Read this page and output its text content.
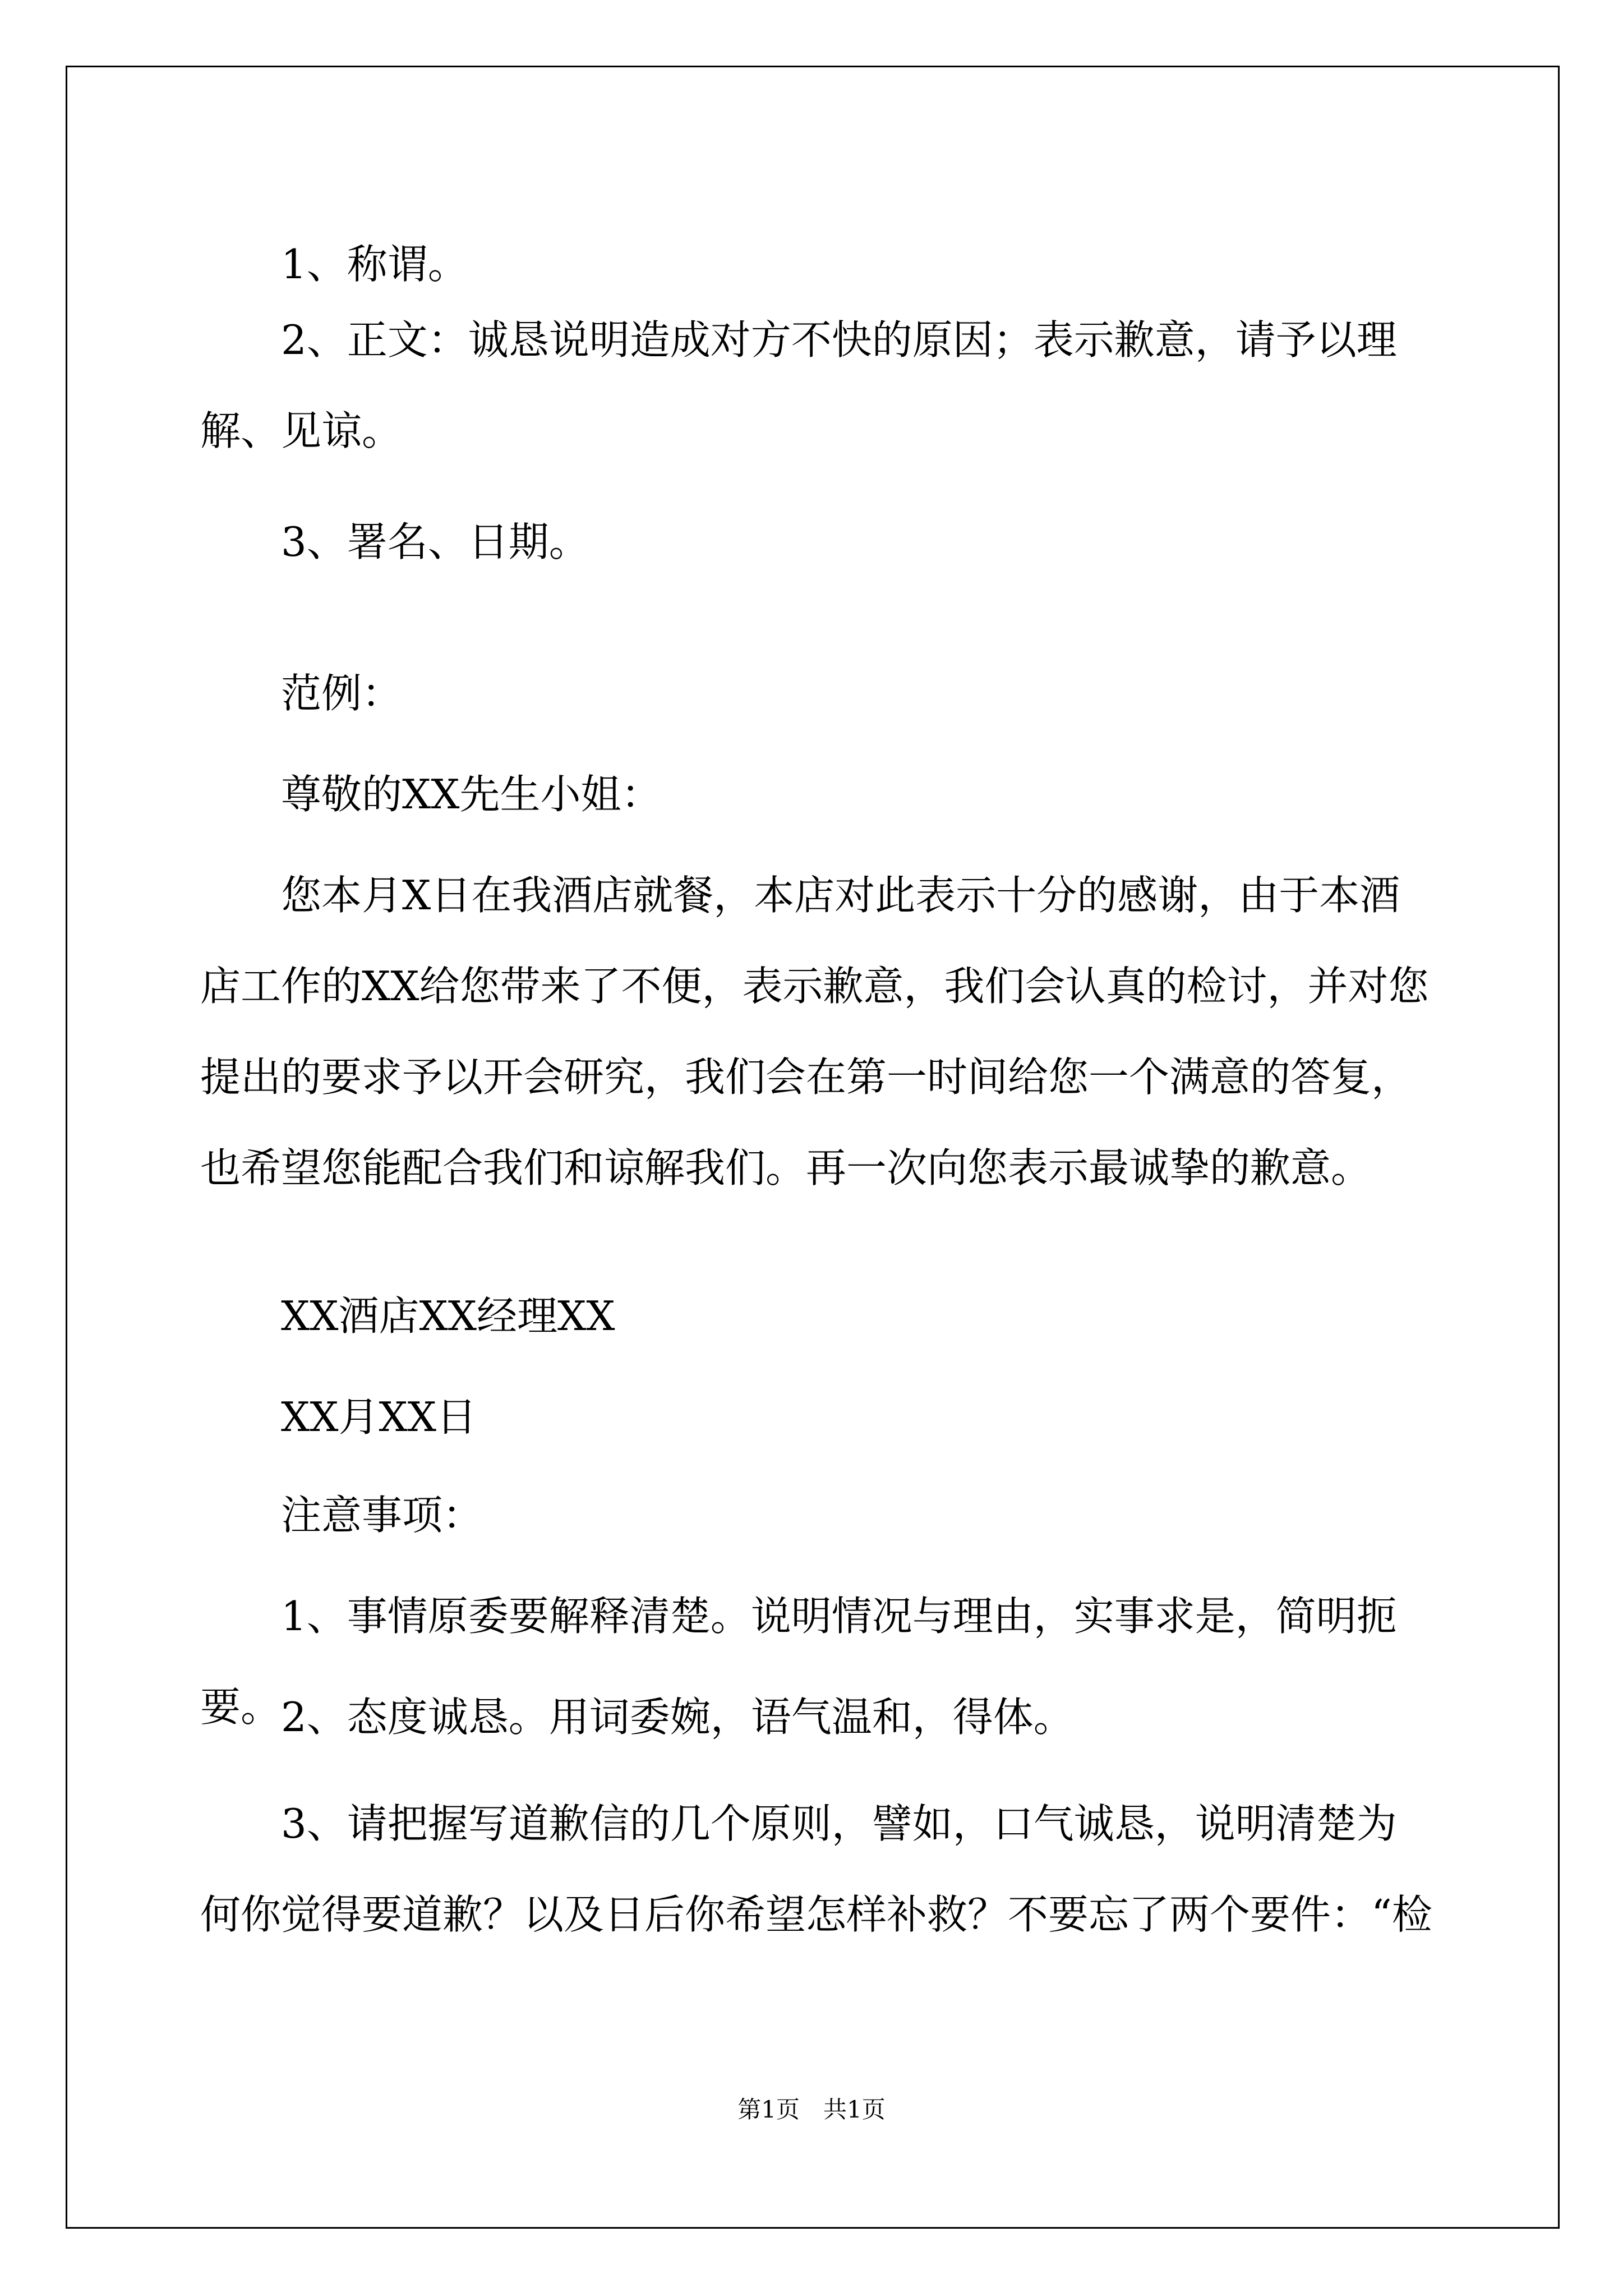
1、称谓。

2、正文：诚恳说明造成对方不快的原因；表示歉意，请予以理解、见谅。

3、署名、日期。

范例：

尊敬的XX先生小姐：

您本月X日在我酒店就餐，本店对此表示十分的感谢，由于本酒店工作的XX给您带来了不便，表示歉意，我们会认真的检讨，并对您提出的要求予以开会研究，我们会在第一时间给您一个满意的答复，也希望您能配合我们和谅解我们。再一次向您表示最诚挚的歉意。

XX酒店XX经理XX

XX月XX日

注意事项：

1、事情原委要解释清楚。说明情况与理由，实事求是，简明扼要。 2、态度诚恳。用词委婉，语气温和，得体。

3、请把握写道歉信的几个原则，譬如，口气诚恳，说明清楚为何你觉得要道歉？以及日后你希望怎样补救？不要忘了两个要件：“检

第1页　共1页
